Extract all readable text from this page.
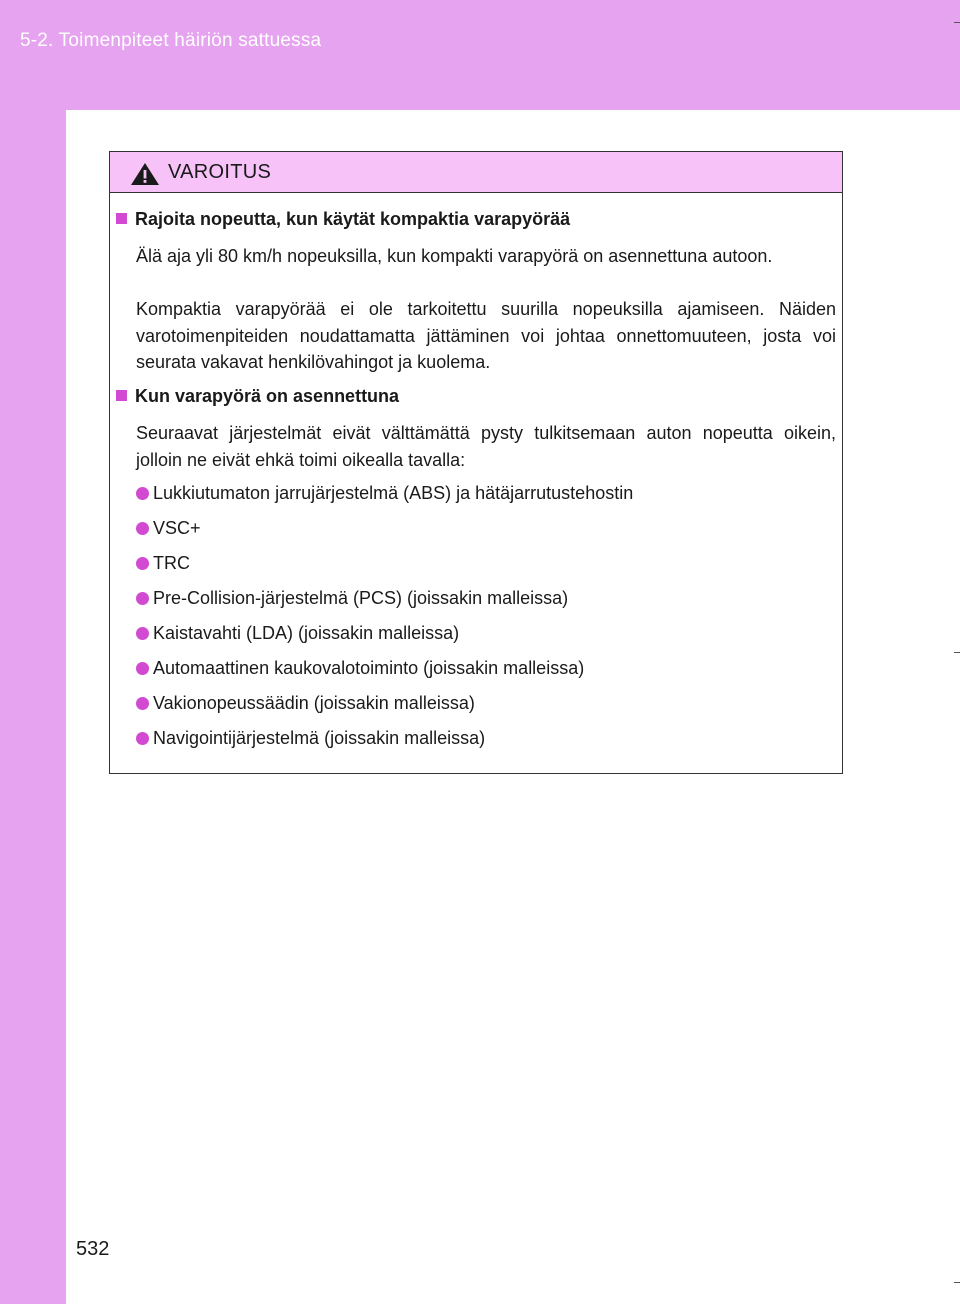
5-2. Toimenpiteet häiriön sattuessa
VAROITUS
Rajoita nopeutta, kun käytät kompaktia varapyörää
Älä aja yli 80 km/h nopeuksilla, kun kompakti varapyörä on asennettuna autoon.
Kompaktia varapyörää ei ole tarkoitettu suurilla nopeuksilla ajamiseen. Näiden varotoimenpiteiden noudattamatta jättäminen voi johtaa onnettomuuteen, josta voi seurata vakavat henkilövahingot ja kuolema.
Kun varapyörä on asennettuna
Seuraavat järjestelmät eivät välttämättä pysty tulkitsemaan auton nopeutta oikein, jolloin ne eivät ehkä toimi oikealla tavalla:
Lukkiutumaton jarrujärjestelmä (ABS) ja hätäjarrutustehostin
VSC+
TRC
Pre-Collision-järjestelmä (PCS) (joissakin malleissa)
Kaistavahti (LDA) (joissakin malleissa)
Automaattinen kaukovalotoiminto (joissakin malleissa)
Vakionopeussäädin (joissakin malleissa)
Navigointijärjestelmä (joissakin malleissa)
532
